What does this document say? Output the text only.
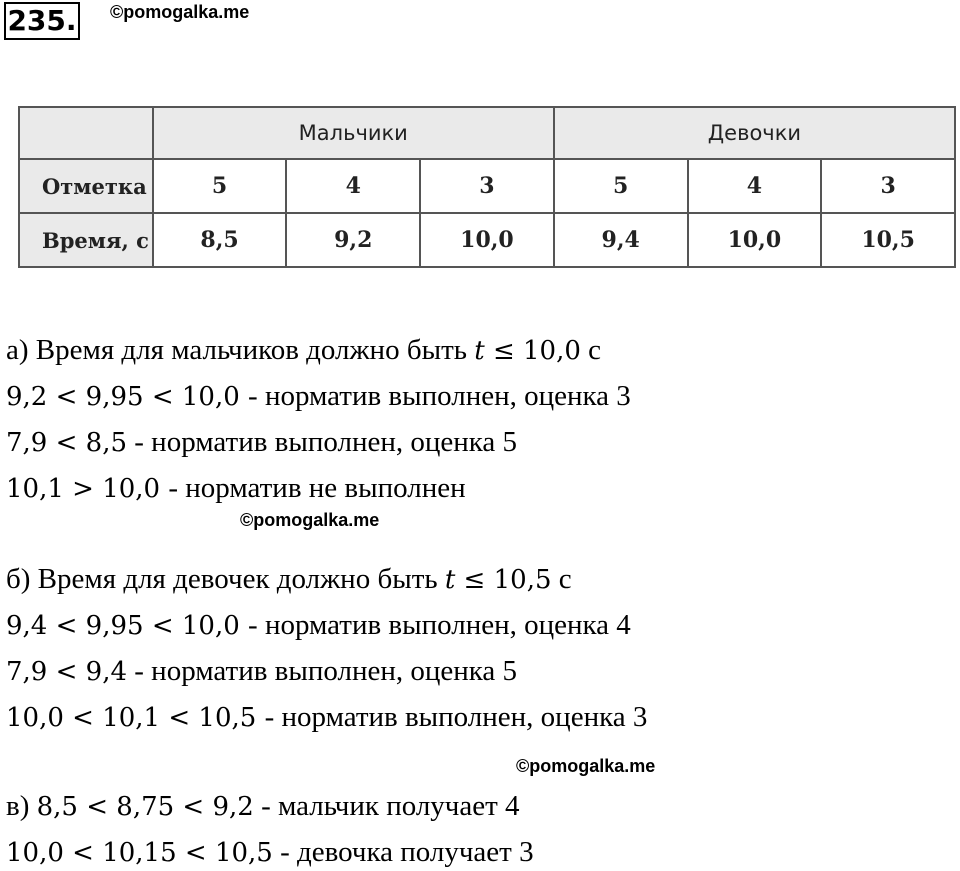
235. ©pomogalka.me
	Мальчики			Девочки		
Отметка	5	4	3	5	4	3
Время, с	8,5	9,2	10,0	9,4	10,0	10,5
а) Время для мальчиков должно быть t ≤ 10,0 с
9,2 < 9,95 < 10,0 - норматив выполнен, оценка 3
7,9 < 8,5 - норматив выполнен, оценка 5
10,1 > 10,0 - норматив не выполнен
©pomogalka.me
б) Время для девочек должно быть t ≤ 10,5 с
9,4 < 9,95 < 10,0 - норматив выполнен, оценка 4
7,9 < 9,4 - норматив выполнен, оценка 5
10,0 < 10,1 < 10,5 - норматив выполнен, оценка 3
©pomogalka.me
в) 8,5 < 8,75 < 9,2 - мальчик получает 4
10,0 < 10,15 < 10,5 - девочка получает 3
